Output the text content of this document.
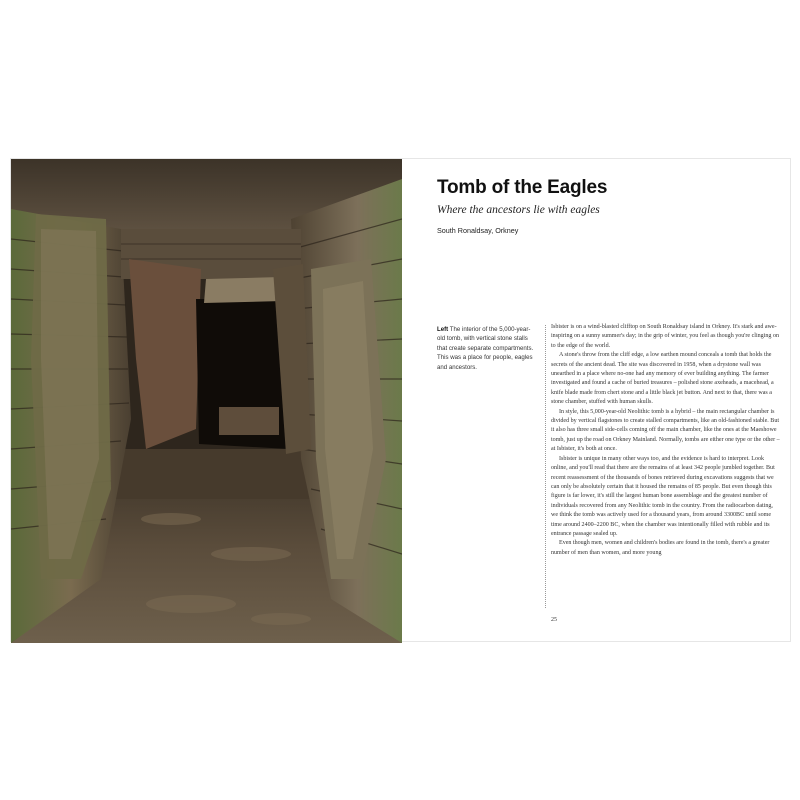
Tomb of the Eagles
Where the ancestors lie with eagles
South Ronaldsay, Orkney
Left The interior of the 5,000-year-old tomb, with vertical stone stalls that create separate compartments. This was a place for people, eagles and ancestors.

Isbister is on a wind-blasted clifftop on South Ronaldsay island in Orkney. It's stark and awe-inspiring on a sunny summer's day; in the grip of winter, you feel as though you're clinging on to the edge of the world.

A stone's throw from the cliff edge, a low earthen mound conceals a tomb that holds the secrets of the ancient dead. The site was discovered in 1958, when a drystone wall was unearthed in a place where no-one had any memory of ever building anything. The farmer investigated and found a cache of buried treasures – polished stone axeheads, a macehead, a knife blade made from chert stone and a little black jet button. And next to that, there was a stone chamber, stuffed with human skulls.

In style, this 5,000-year-old Neolithic tomb is a hybrid – the main rectangular chamber is divided by vertical flagstones to create stalled compartments, like an old-fashioned stable. But it also has three small side-cells coming off the main chamber, like the ones at the Maeshowe tomb, just up the road on Orkney Mainland. Normally, tombs are either one type or the other – at Isbister, it's both at once.

Isbister is unique in many other ways too, and the evidence is hard to interpret. Look online, and you'll read that there are the remains of at least 342 people jumbled together. But recent reassessment of the thousands of bones retrieved during excavations suggests that we can only be absolutely certain that it housed the remains of 85 people. But even though this figure is far lower, it's still the largest human bone assemblage and the greatest number of individuals recovered from any Neolithic tomb in the country. From the radiocarbon dating, we think the tomb was actively used for a thousand years, from around 3300BC until some time around 2400–2200 BC, when the chamber was intentionally filled with rubble and its entrance passage sealed up.

Even though men, women and children's bodies are found in the tomb, there's a greater number of men than women, and more young

25
